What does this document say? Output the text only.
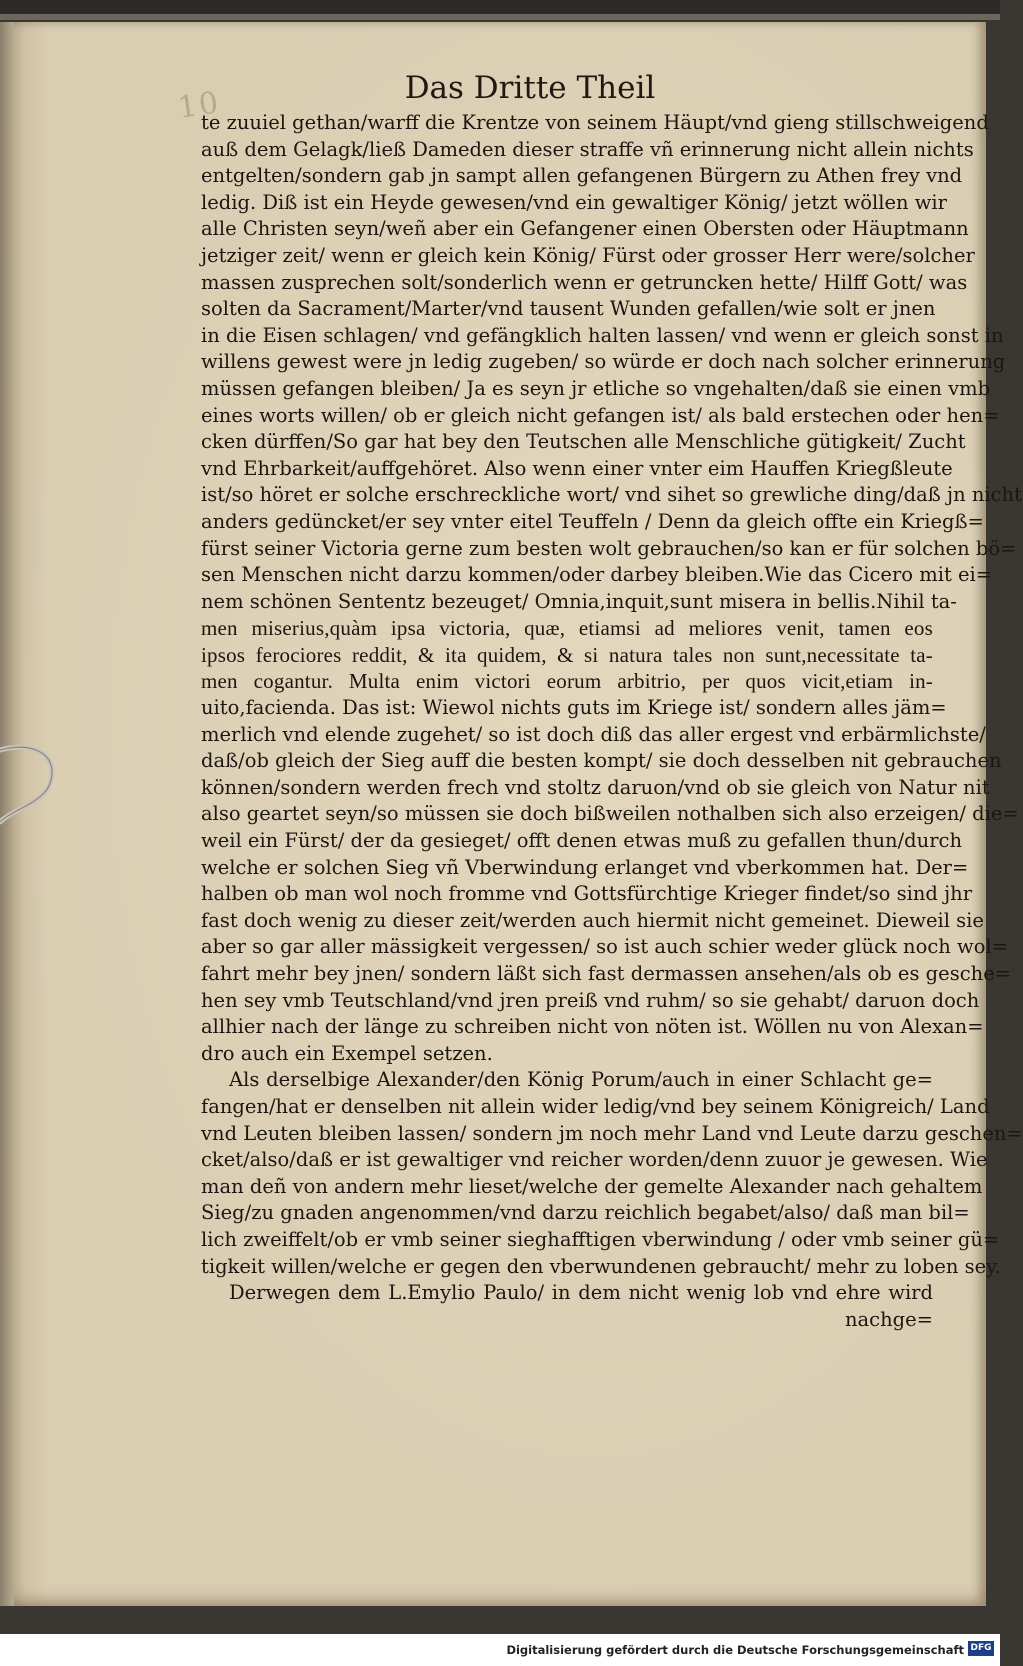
10	Das Dritte Theil
te zuuiel gethan/warff die Krentze von seinem Häupt/vnd gieng stillschweigend
auß dem Gelagk/ließ Dameden dieser straffe vñ erinnerung nicht allein nichts
entgelten/sondern gab jn sampt allen gefangenen Bürgern zu Athen frey vnd
ledig. Diß ist ein Heyde gewesen/vnd ein gewaltiger König/ jetzt wöllen wir
alle Christen seyn/weñ aber ein Gefangener einen Obersten oder Häuptmann
jetziger zeit/ wenn er gleich kein König/ Fürst oder grosser Herr were/solcher
massen zusprechen solt/sonderlich wenn er getruncken hette/ Hilff Gott/ was
solten da Sacrament/Marter/vnd tausent Wunden gefallen/wie solt er jnen
in die Eisen schlagen/ vnd gefängklich halten lassen/ vnd wenn er gleich sonst in
willens gewest were jn ledig zugeben/ so würde er doch nach solcher erinnerung
müssen gefangen bleiben/ Ja es seyn jr etliche so vngehalten/daß sie einen vmb
eines worts willen/ ob er gleich nicht gefangen ist/ als bald erstechen oder hen=
cken dürffen/So gar hat bey den Teutschen alle Menschliche gütigkeit/ Zucht
vnd Ehrbarkeit/auffgehöret. Also wenn einer vnter eim Hauffen Kriegßleute
ist/so höret er solche erschreckliche wort/ vnd sihet so grewliche ding/daß jn nicht
anders gedüncket/er sey vnter eitel Teuffeln / Denn da gleich offte ein Kriegß=
fürst seiner Victoria gerne zum besten wolt gebrauchen/so kan er für solchen bö=
sen Menschen nicht darzu kommen/oder darbey bleiben.Wie das Cicero mit ei=
nem schönen Sententz bezeuget/ Omnia,inquit,sunt misera in bellis.Nihil ta-
men miserius,quàm ipsa victoria, quæ, etiamsi ad meliores venit, tamen eos
ipsos ferociores reddit, & ita quidem, & si natura tales non sunt,necessitate ta-
men cogantur. Multa enim victori eorum arbitrio, per quos vicit,etiam in-
uito,facienda. Das ist: Wiewol nichts guts im Kriege ist/ sondern alles jäm=
merlich vnd elende zugehet/ so ist doch diß das aller ergest vnd erbärmlichste/
daß/ob gleich der Sieg auff die besten kompt/ sie doch desselben nit gebrauchen
können/sondern werden frech vnd stoltz daruon/vnd ob sie gleich von Natur nit
also geartet seyn/so müssen sie doch bißweilen nothalben sich also erzeigen/ die=
weil ein Fürst/ der da gesieget/ offt denen etwas muß zu gefallen thun/durch
welche er solchen Sieg vñ Vberwindung erlanget vnd vberkommen hat. Der=
halben ob man wol noch fromme vnd Gottsfürchtige Krieger findet/so sind jhr
fast doch wenig zu dieser zeit/werden auch hiermit nicht gemeinet. Dieweil sie
aber so gar aller mässigkeit vergessen/ so ist auch schier weder glück noch wol=
fahrt mehr bey jnen/ sondern läßt sich fast dermassen ansehen/als ob es gesche=
hen sey vmb Teutschland/vnd jren preiß vnd ruhm/ so sie gehabt/ daruon doch
allhier nach der länge zu schreiben nicht von nöten ist. Wöllen nu von Alexan=
dro auch ein Exempel setzen.
Als derselbige Alexander/den König Porum/auch in einer Schlacht ge=
fangen/hat er denselben nit allein wider ledig/vnd bey seinem Königreich/ Land
vnd Leuten bleiben lassen/ sondern jm noch mehr Land vnd Leute darzu geschen=
cket/also/daß er ist gewaltiger vnd reicher worden/denn zuuor je gewesen. Wie
man deñ von andern mehr lieset/welche der gemelte Alexander nach gehaltem
Sieg/zu gnaden angenommen/vnd darzu reichlich begabet/also/ daß man bil=
lich zweiffelt/ob er vmb seiner sieghafftigen vberwindung / oder vmb seiner gü=
tigkeit willen/welche er gegen den vberwundenen gebraucht/ mehr zu loben sey.
Derwegen dem L.Emylio Paulo/ in dem nicht wenig lob vnd ehre wird
nachge=
Digitalisierung gefördert durch die Deutsche Forschungsgemeinschaft DFG
